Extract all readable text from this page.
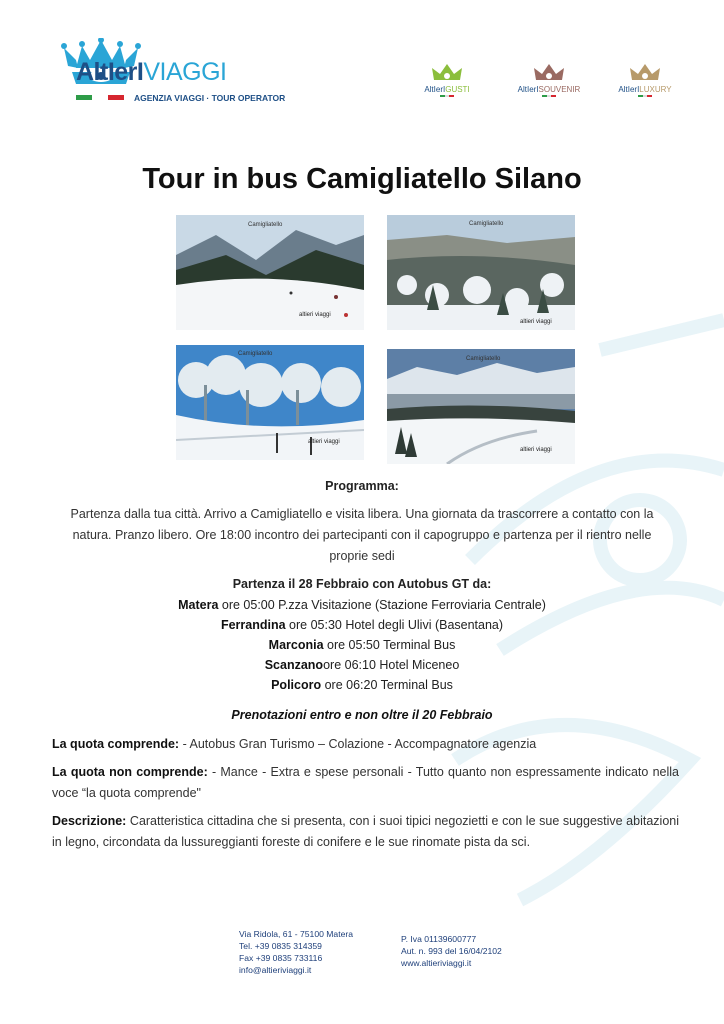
AltIerIVIAGGI
AGENZIA VIAGGI · TOUR OPERATOR
AltIerIGUSTI	AltIerISOUVENIR	AltIerILUXURY
Tour in bus Camigliatello Silano
Camigliatello
altieri viaggi
Camigliatello
altieri viaggi
Camigliatello
altieri viaggi
Camigliatello
altieri viaggi
Programma:
Partenza dalla tua città. Arrivo a Camigliatello e visita libera. Una giornata da trascorrere a contatto con la
natura. Pranzo libero. Ore 18:00 incontro dei partecipanti con il capogruppo e partenza per il rientro nelle
proprie sedi
Partenza il 28 Febbraio con Autobus GT da:
Matera ore 05:00 P.zza Visitazione (Stazione Ferroviaria Centrale)
Ferrandina ore 05:30 Hotel degli Ulivi (Basentana)
Marconia ore 05:50 Terminal Bus
Scanzanoore 06:10 Hotel Miceneo
Policoro ore 06:20 Terminal Bus
Prenotazioni entro e non oltre il 20 Febbraio
La quota comprende: - Autobus Gran Turismo – Colazione - Accompagnatore agenzia
La quota non comprende: - Mance - Extra e spese personali - Tutto quanto non espressamente indicato nella voce “la quota comprende"
Descrizione: Caratteristica cittadina che si presenta, con i suoi tipici negozietti e con le sue suggestive abitazioni in legno, circondata da lussureggianti foreste di conifere e le sue rinomate pista da sci.
Via Ridola, 61 - 75100 Matera
Tel. +39 0835 314359
Fax +39 0835 733116
info@altieriviaggi.it
P. Iva 01139600777
Aut. n. 993 del 16/04/2102
www.altieriviaggi.it
